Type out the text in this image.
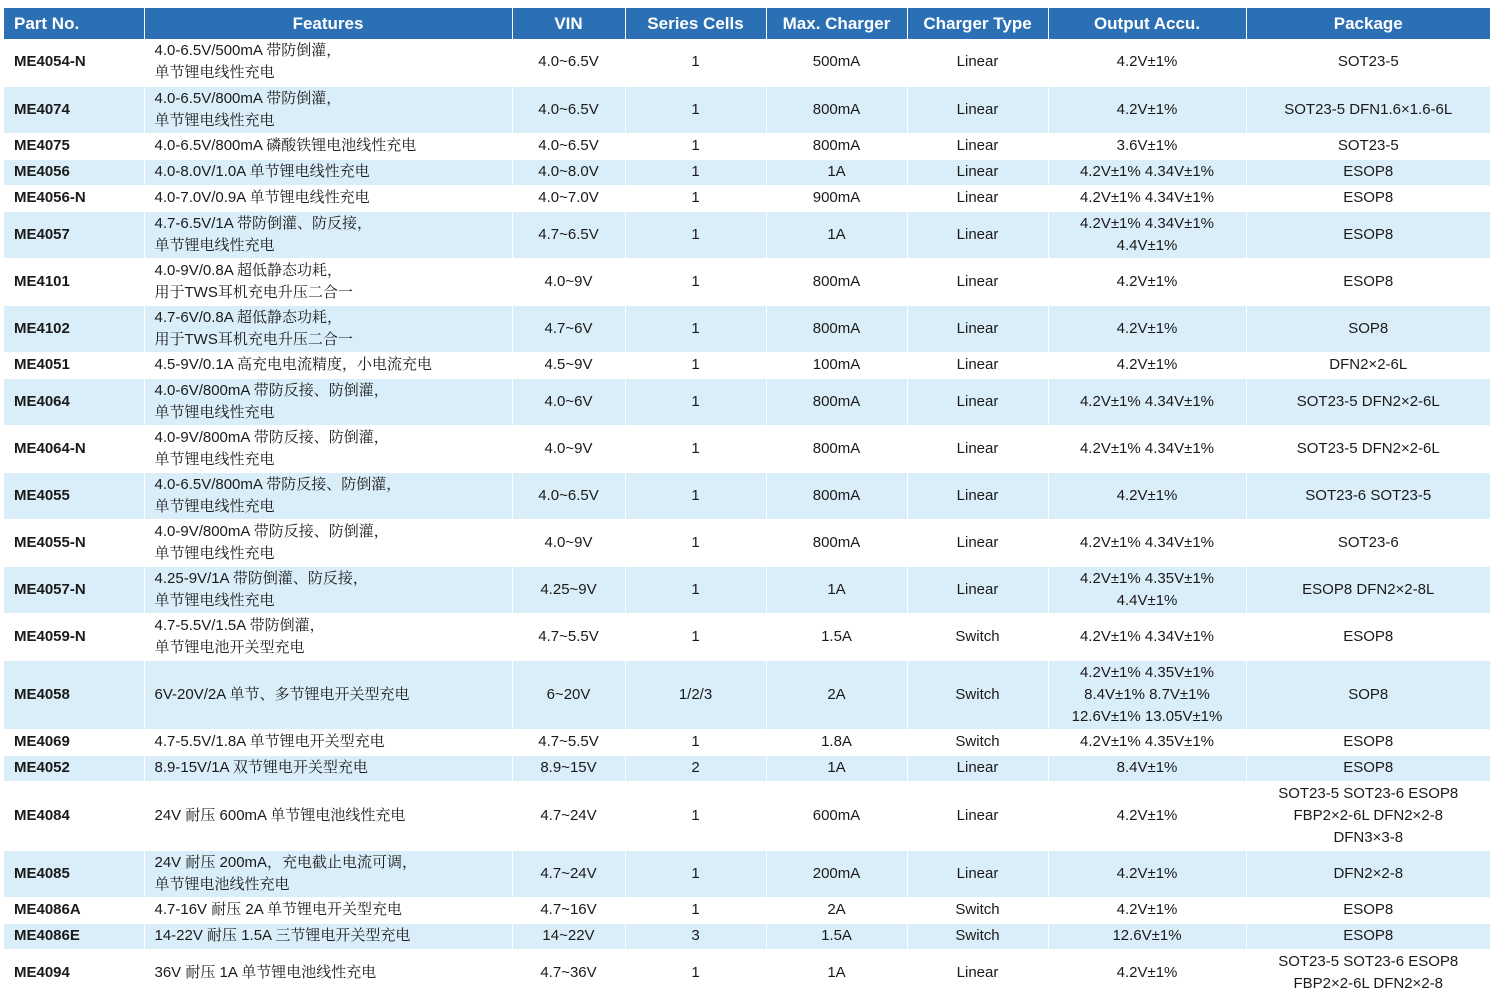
Part No.	Features	VIN	Series Cells	Max. Charger	Charger Type	Output Accu.	Package
ME4054-N	4.0-6.5V/500mA 带防倒灌，
单节锂电线性充电	4.0~6.5V	1	500mA	Linear	4.2V±1%	SOT23-5

ME4074	4.0-6.5V/800mA 带防倒灌，
单节锂电线性充电	4.0~6.5V	1	800mA	Linear	4.2V±1%	SOT23-5 DFN1.6×1.6-6L

ME4075	4.0-6.5V/800mA 磷酸铁锂电池线性充电	4.0~6.5V	1	800mA	Linear	3.6V±1%	SOT23-5

ME4056	4.0-8.0V/1.0A 单节锂电线性充电	4.0~8.0V	1	1A	Linear	4.2V±1% 4.34V±1%	ESOP8

ME4056-N	4.0-7.0V/0.9A 单节锂电线性充电	4.0~7.0V	1	900mA	Linear	4.2V±1% 4.34V±1%	ESOP8

ME4057	4.7-6.5V/1A 带防倒灌、防反接，
单节锂电线性充电	4.7~6.5V	1	1A	Linear	4.2V±1% 4.34V±1%
4.4V±1%	ESOP8

ME4101	4.0-9V/0.8A 超低静态功耗，
用于TWS耳机充电升压二合一	4.0~9V	1	800mA	Linear	4.2V±1%	ESOP8

ME4102	4.7-6V/0.8A 超低静态功耗，
用于TWS耳机充电升压二合一	4.7~6V	1	800mA	Linear	4.2V±1%	SOP8

ME4051	4.5-9V/0.1A 高充电电流精度，小电流充电	4.5~9V	1	100mA	Linear	4.2V±1%	DFN2×2-6L

ME4064	4.0-6V/800mA 带防反接、防倒灌，
单节锂电线性充电	4.0~6V	1	800mA	Linear	4.2V±1% 4.34V±1%	SOT23-5 DFN2×2-6L

ME4064-N	4.0-9V/800mA 带防反接、防倒灌，
单节锂电线性充电	4.0~9V	1	800mA	Linear	4.2V±1% 4.34V±1%	SOT23-5 DFN2×2-6L

ME4055	4.0-6.5V/800mA 带防反接、防倒灌，
单节锂电线性充电	4.0~6.5V	1	800mA	Linear	4.2V±1%	SOT23-6 SOT23-5

ME4055-N	4.0-9V/800mA 带防反接、防倒灌，
单节锂电线性充电	4.0~9V	1	800mA	Linear	4.2V±1% 4.34V±1%	SOT23-6

ME4057-N	4.25-9V/1A 带防倒灌、防反接，
单节锂电线性充电	4.25~9V	1	1A	Linear	4.2V±1% 4.35V±1%
4.4V±1%	ESOP8 DFN2×2-8L

ME4059-N	4.7-5.5V/1.5A 带防倒灌，
单节锂电池开关型充电	4.7~5.5V	1	1.5A	Switch	4.2V±1% 4.34V±1%	ESOP8

ME4058	6V-20V/2A 单节、多节锂电开关型充电	6~20V	1/2/3	2A	Switch	4.2V±1% 4.35V±1%
8.4V±1% 8.7V±1%
12.6V±1% 13.05V±1%	SOP8

ME4069	4.7-5.5V/1.8A 单节锂电开关型充电	4.7~5.5V	1	1.8A	Switch	4.2V±1% 4.35V±1%	ESOP8

ME4052	8.9-15V/1A 双节锂电开关型充电	8.9~15V	2	1A	Linear	8.4V±1%	ESOP8

ME4084	24V 耐压 600mA 单节锂电池线性充电	4.7~24V	1	600mA	Linear	4.2V±1%	SOT23-5 SOT23-6 ESOP8
FBP2×2-6L DFN2×2-8
DFN3×3-8

ME4085	24V 耐压 200mA，充电截止电流可调，
单节锂电池线性充电	4.7~24V	1	200mA	Linear	4.2V±1%	DFN2×2-8

ME4086A	4.7-16V 耐压 2A 单节锂电开关型充电	4.7~16V	1	2A	Switch	4.2V±1%	ESOP8

ME4086E	14-22V 耐压 1.5A 三节锂电开关型充电	14~22V	3	1.5A	Switch	12.6V±1%	ESOP8

ME4094	36V 耐压 1A 单节锂电池线性充电	4.7~36V	1	1A	Linear	4.2V±1%	SOT23-5 SOT23-6 ESOP8
FBP2×2-6L DFN2×2-8
